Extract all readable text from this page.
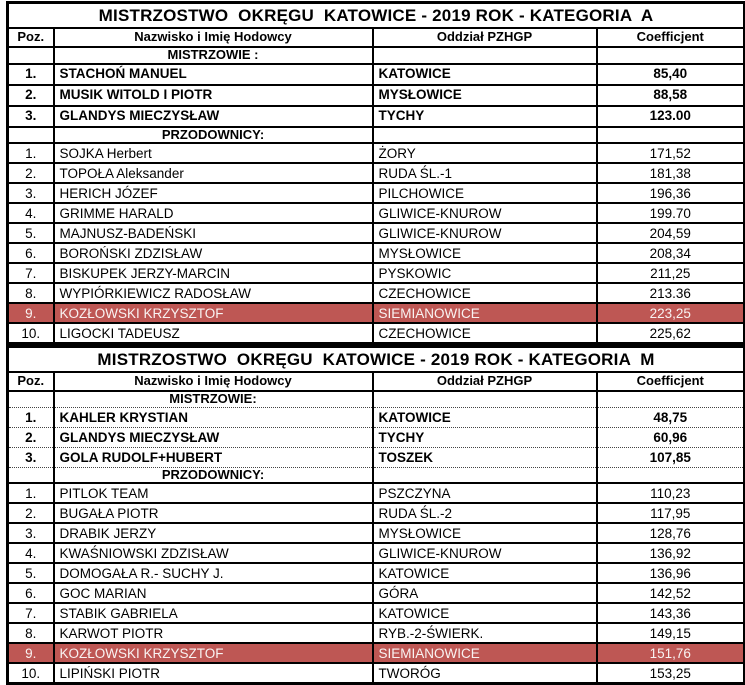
MISTRZOSTWO  OKRĘGU  KATOWICE - 2019 ROK - KATEGORIA  A			
Poz.	Nazwisko i Imię Hodowcy	Oddział PZHGP	Coefficjent
	MISTRZOWIE :		
1.	STACHOŃ MANUEL	KATOWICE	85,40
2.	MUSIK WITOLD I PIOTR	MYSŁOWICE	88,58
3.	GLANDYS MIECZYSŁAW	TYCHY	123.00
	PRZODOWNICY:		
1.	SOJKA Herbert	ŻORY	171,52
2.	TOPOŁA Aleksander	RUDA ŚL.-1	181,38
3.	HERICH JÓZEF	PILCHOWICE	196,36
4.	GRIMME HARALD	GLIWICE-KNUROW	199.70
5.	MAJNUSZ-BADEŃSKI	GLIWICE-KNUROW	204,59
6.	BOROŃSKI ZDZISŁAW	MYSŁOWICE	208,34
7.	BISKUPEK JERZY-MARCIN	PYSKOWIC	211,25
8.	WYPIÓRKIEWICZ RADOSŁAW	CZECHOWICE	213.36
9.	KOZŁOWSKI KRZYSZTOF	SIEMIANOWICE	223,25
10.	LIGOCKI TADEUSZ	CZECHOWICE	225,62
MISTRZOSTWO  OKRĘGU  KATOWICE - 2019 ROK - KATEGORIA  M			
Poz.	Nazwisko i Imię Hodowcy	Oddział PZHGP	Coefficjent
	MISTRZOWIE:		
1.	KAHLER KRYSTIAN	KATOWICE	48,75
2.	GLANDYS MIECZYSŁAW	TYCHY	60,96
3.	GOLA RUDOLF+HUBERT	TOSZEK	107,85
	PRZODOWNICY:		
1.	PITLOK TEAM	PSZCZYNA	110,23
2.	BUGAŁA PIOTR	RUDA ŚL.-2	117,95
3.	DRABIK JERZY	MYSŁOWICE	128,76
4.	KWAŚNIOWSKI ZDZISŁAW	GLIWICE-KNUROW	136,92
5.	DOMOGAŁA R.- SUCHY J.	KATOWICE	136,96
6.	GOC MARIAN	GÓRA	142,52
7.	STABIK GABRIELA	KATOWICE	143,36
8.	KARWOT PIOTR	RYB.-2-ŚWIERK.	149,15
9.	KOZŁOWSKI KRZYSZTOF	SIEMIANOWICE	151,76
10.	LIPIŃSKI PIOTR	TWORÓG	153,25
